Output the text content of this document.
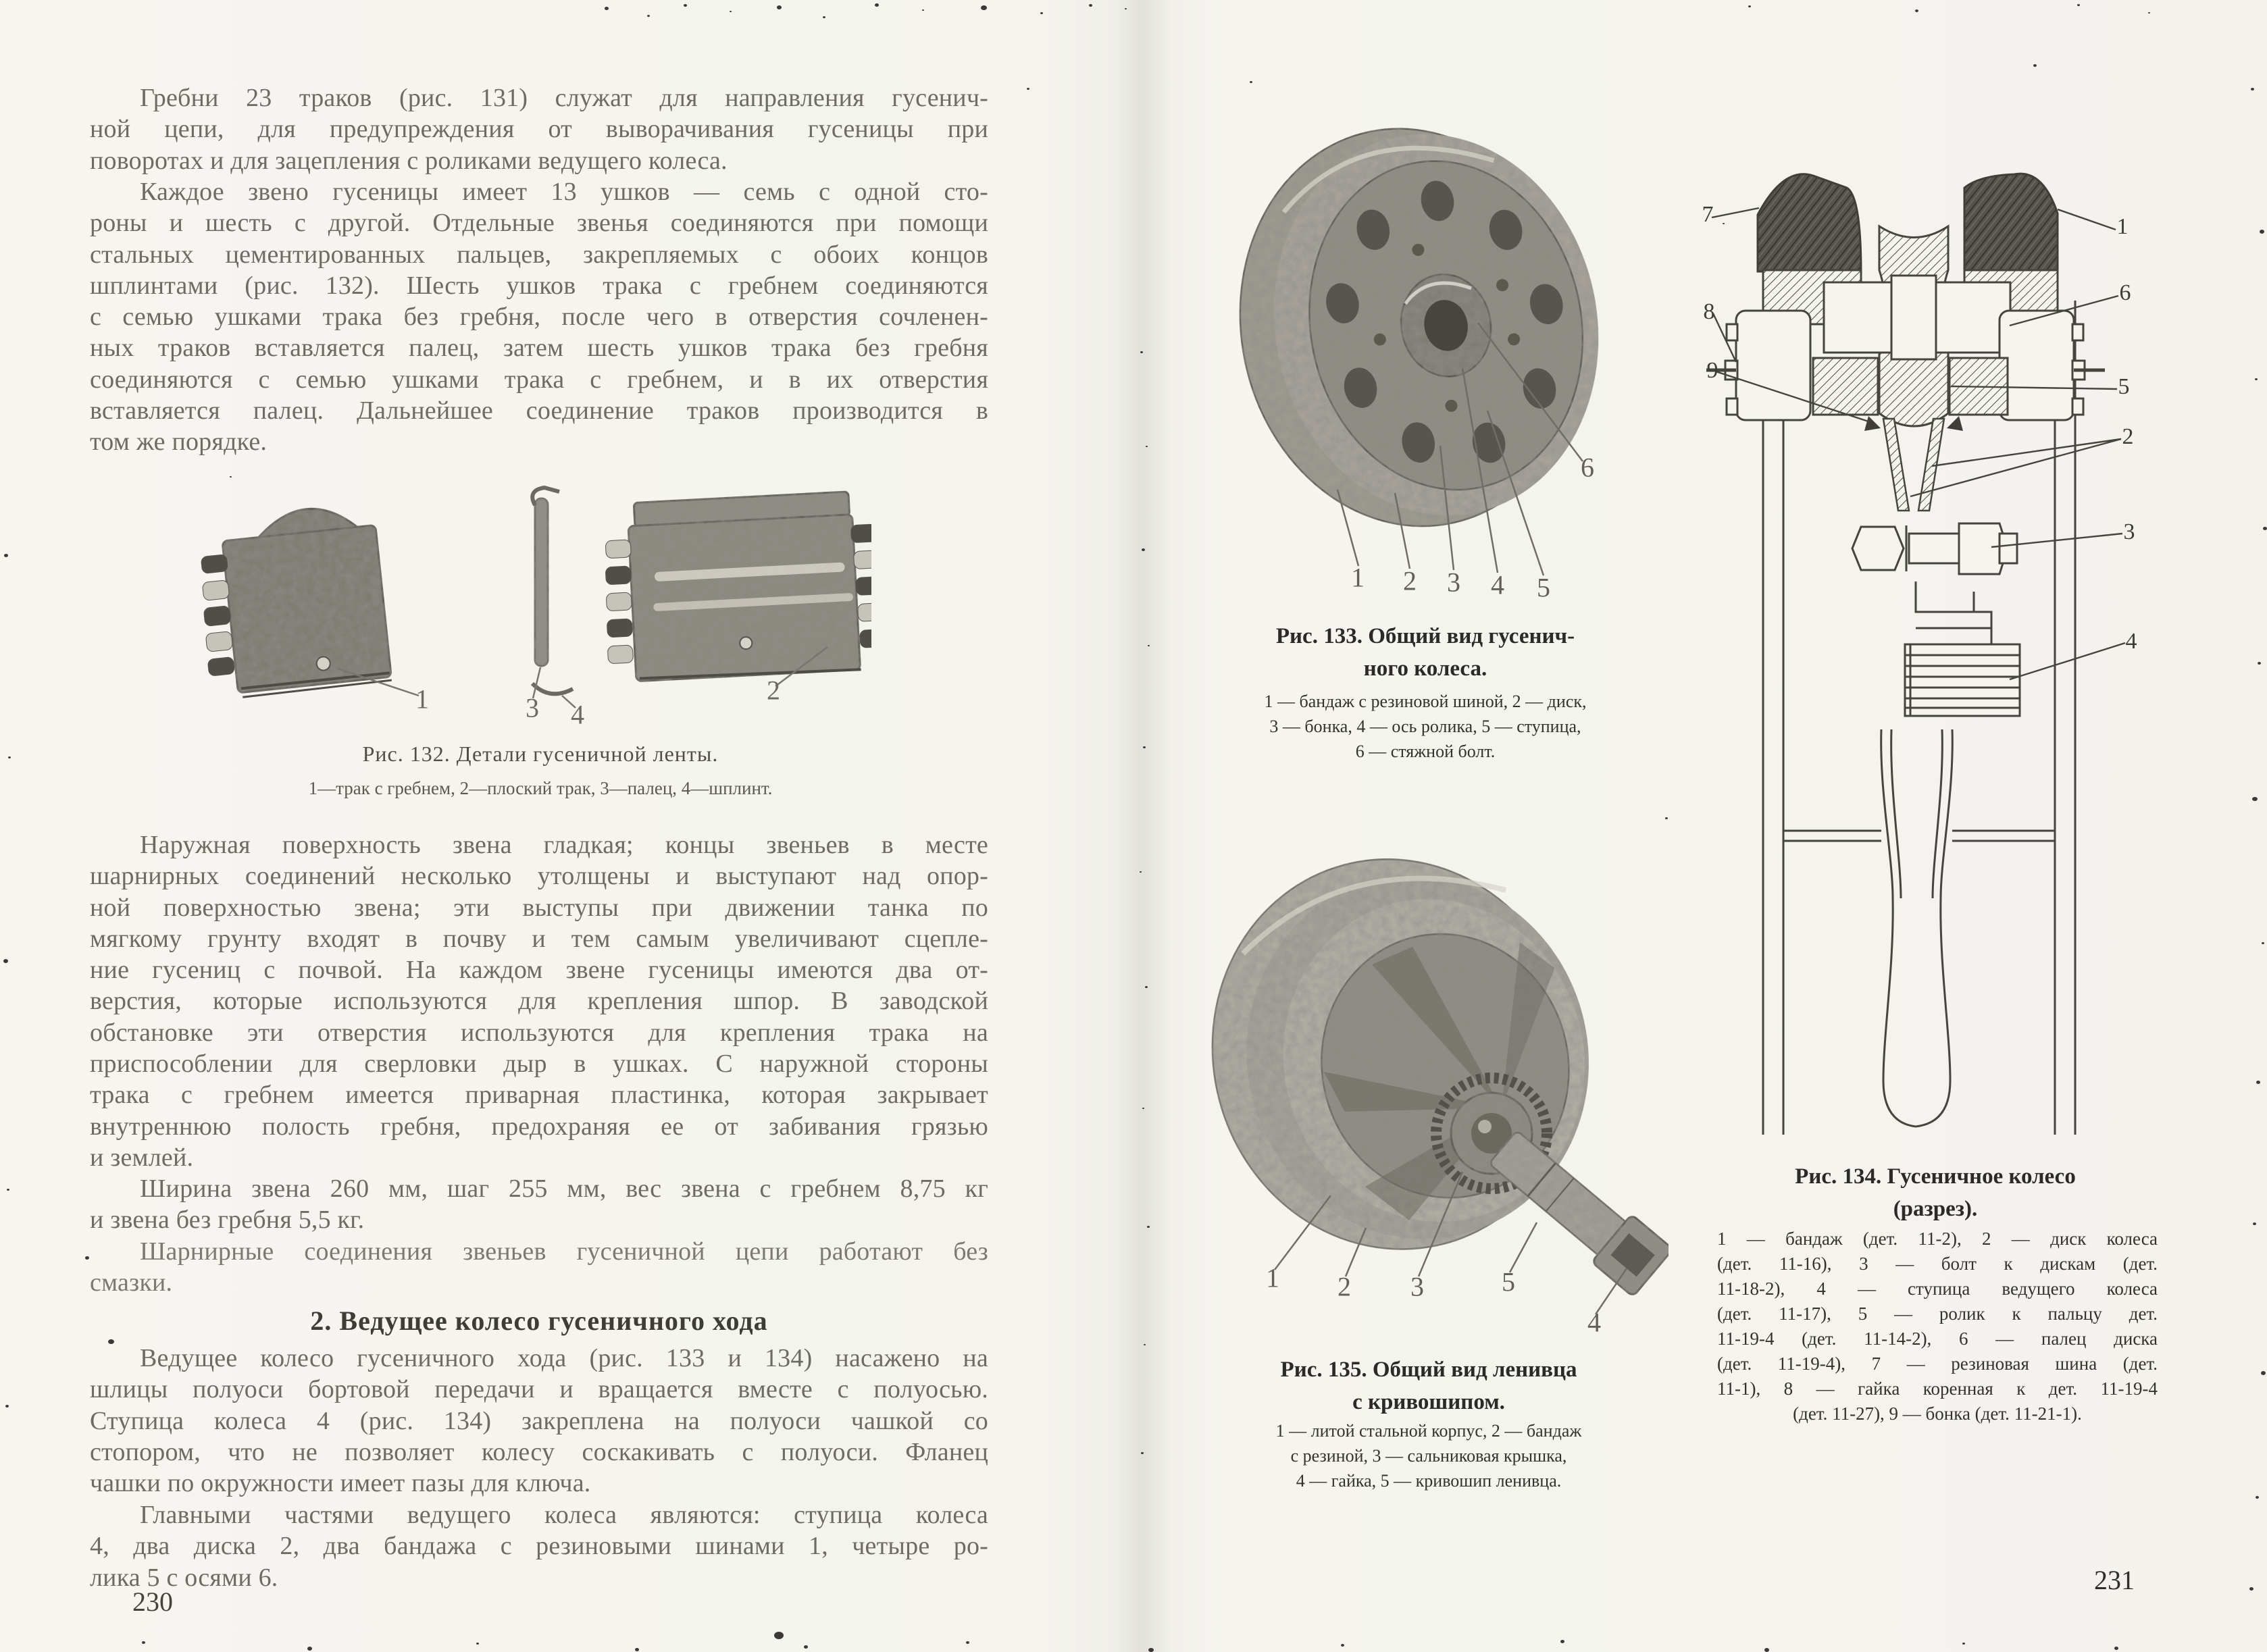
Гребни 23 траков (рис. 131) служат для направления гусенич-
ной цепи, для предупреждения от выворачивания гусеницы при
поворотах и для зацепления с роликами ведущего колеса.
Каждое звено гусеницы имеет 13 ушков — семь с одной сто-
роны и шесть с другой. Отдельные звенья соединяются при помощи
стальных цементированных пальцев, закрепляемых с обоих концов
шплинтами (рис. 132). Шесть ушков трака с гребнем соединяются
с семью ушками трака без гребня, после чего в отверстия сочленен-
ных траков вставляется палец, затем шесть ушков трака без гребня
соединяются с семью ушками трака с гребнем, и в их отверстия
вставляется палец. Дальнейшее соединение траков производится в
том же порядке.
1	3 4
2
Рис. 132. Детали гусеничной ленты.
1—трак с гребнем, 2—плоский трак, 3—палец, 4—шплинт.
Наружная поверхность звена гладкая; концы звеньев в месте
шарнирных соединений несколько утолщены и выступают над опор-
ной поверхностью звена; эти выступы при движении танка по
мягкому грунту входят в почву и тем самым увеличивают сцепле-
ние гусениц с почвой. На каждом звене гусеницы имеются два от-
верстия, которые используются для крепления шпор. В заводской
обстановке эти отверстия используются для крепления трака на
приспособлении для сверловки дыр в ушках. С наружной стороны
трака с гребнем имеется приварная пластинка, которая закрывает
внутреннюю полость гребня, предохраняя ее от забивания грязью
и землей.
Ширина звена 260 мм, шаг 255 мм, вес звена с гребнем 8,75 кг
и звена без гребня 5,5 кг.
Шарнирные соединения звеньев гусеничной цепи работают без
смазки.
2. Ведущее колесо гусеничного хода
Ведущее колесо гусеничного хода (рис. 133 и 134) насажено на
шлицы полуоси бортовой передачи и вращается вместе с полуосью.
Ступица колеса 4 (рис. 134) закреплена на полуоси чашкой со
стопором, что не позволяет колесу соскакивать с полуоси. Фланец
чашки по окружности имеет пазы для ключа.
Главными частями ведущего колеса являются: ступица колеса
4, два диска 2, два бандажа с резиновыми шинами 1, четыре ро-
лика 5 с осями 6.
230
1 2 3 4 5
6
Рис. 133. Общий вид гусенич-
ного колеса.
1 — бандаж с резиновой шиной, 2 — диск,
3 — бонка, 4 — ось ролика, 5 — ступица,
6 — стяжной болт.
1 2 3	5
4
Рис. 135. Общий вид ленивца
с кривошипом.
1 — литой стальной корпус, 2 — бандаж
с резиной, 3 — сальниковая крышка,
4 — гайка, 5 — кривошип ленивца.
7
8
9
1
6
5
2
3
4
Рис. 134. Гусеничное колесо
(разрез).
1 — бандаж (дет. 11-2), 2 — диск колеса
(дет. 11-16), 3 — болт к дискам (дет.
11-18-2), 4 — ступица ведущего колеса
(дет. 11-17), 5 — ролик к пальцу дет.
11-19-4 (дет. 11-14-2), 6 — палец диска
(дет. 11-19-4), 7 — резиновая шина (дет.
11-1), 8 — гайка коренная к дет. 11-19-4
(дет. 11-27), 9 — бонка (дет. 11-21-1).
231
